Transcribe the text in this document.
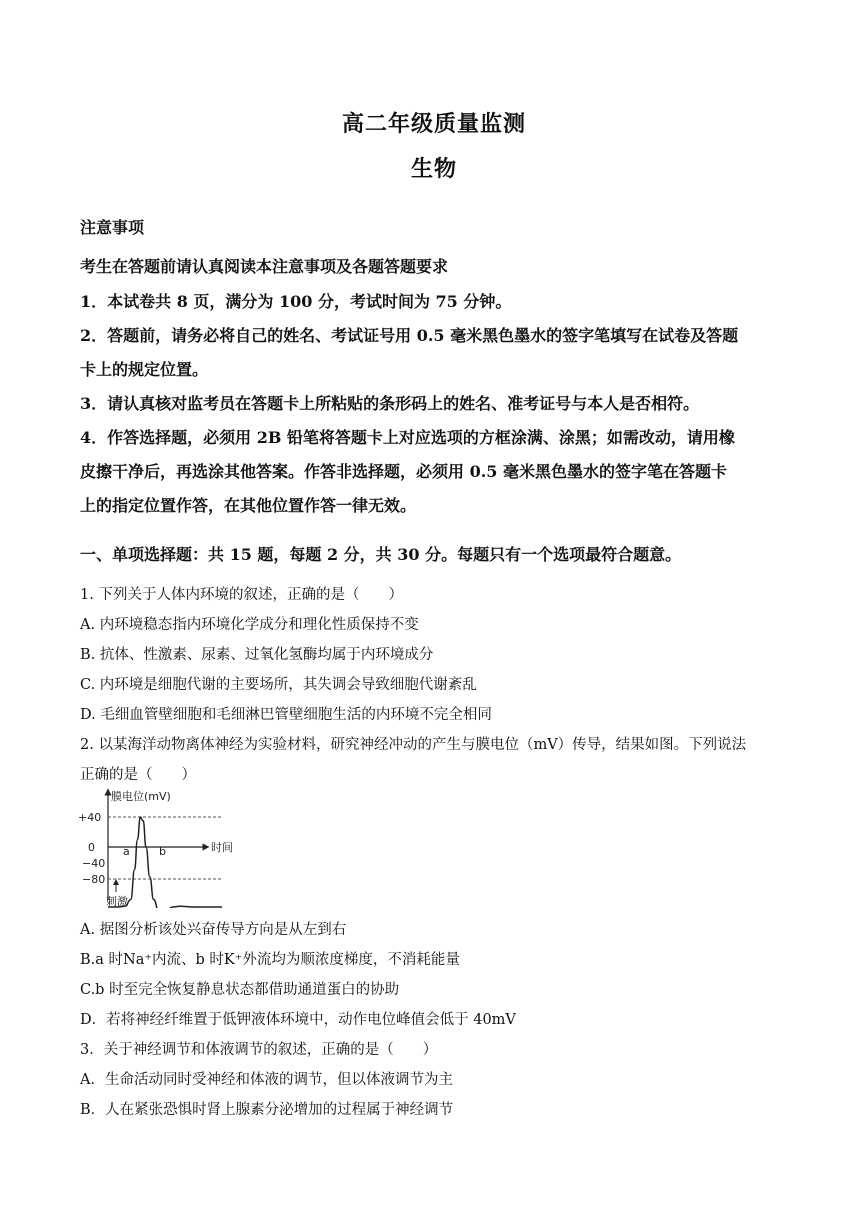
高二年级质量监测
生物
注意事项
考生在答题前请认真阅读本注意事项及各题答题要求
1．本试卷共 8 页，满分为 100 分，考试时间为 75 分钟。
2．答题前，请务必将自己的姓名、考试证号用 0.5 毫米黑色墨水的签字笔填写在试卷及答题
卡上的规定位置。
3．请认真核对监考员在答题卡上所粘贴的条形码上的姓名、准考证号与本人是否相符。
4．作答选择题，必须用 2B 铅笔将答题卡上对应选项的方框涂满、涂黑；如需改动，请用橡
皮擦干净后，再选涂其他答案。作答非选择题，必须用 0.5 毫米黑色墨水的签字笔在答题卡
上的指定位置作答，在其他位置作答一律无效。
一、单项选择题：共 15 题，每题 2 分，共 30 分。每题只有一个选项最符合题意。
1. 下列关于人体内环境的叙述，正确的是（　　）
A. 内环境稳态指内环境化学成分和理化性质保持不变
B. 抗体、性激素、尿素、过氧化氢酶均属于内环境成分
C. 内环境是细胞代谢的主要场所，其失调会导致细胞代谢紊乱
D. 毛细血管壁细胞和毛细淋巴管壁细胞生活的内环境不完全相同
2. 以某海洋动物离体神经为实验材料，研究神经冲动的产生与膜电位（mV）传导，结果如图。下列说法
正确的是（　　）
膜电位(mV)
时间
+40
0
−40
−80
a	b
刺激
A. 据图分析该处兴奋传导方向是从左到右
B.a 时Na⁺内流、b 时K⁺外流均为顺浓度梯度，不消耗能量
C.b 时至完全恢复静息状态都借助通道蛋白的协助
D．若将神经纤维置于低钾液体环境中，动作电位峰值会低于 40mV
3．关于神经调节和体液调节的叙述，正确的是（　　）
A．生命活动同时受神经和体液的调节，但以体液调节为主
B．人在紧张恐惧时肾上腺素分泌增加的过程属于神经调节
